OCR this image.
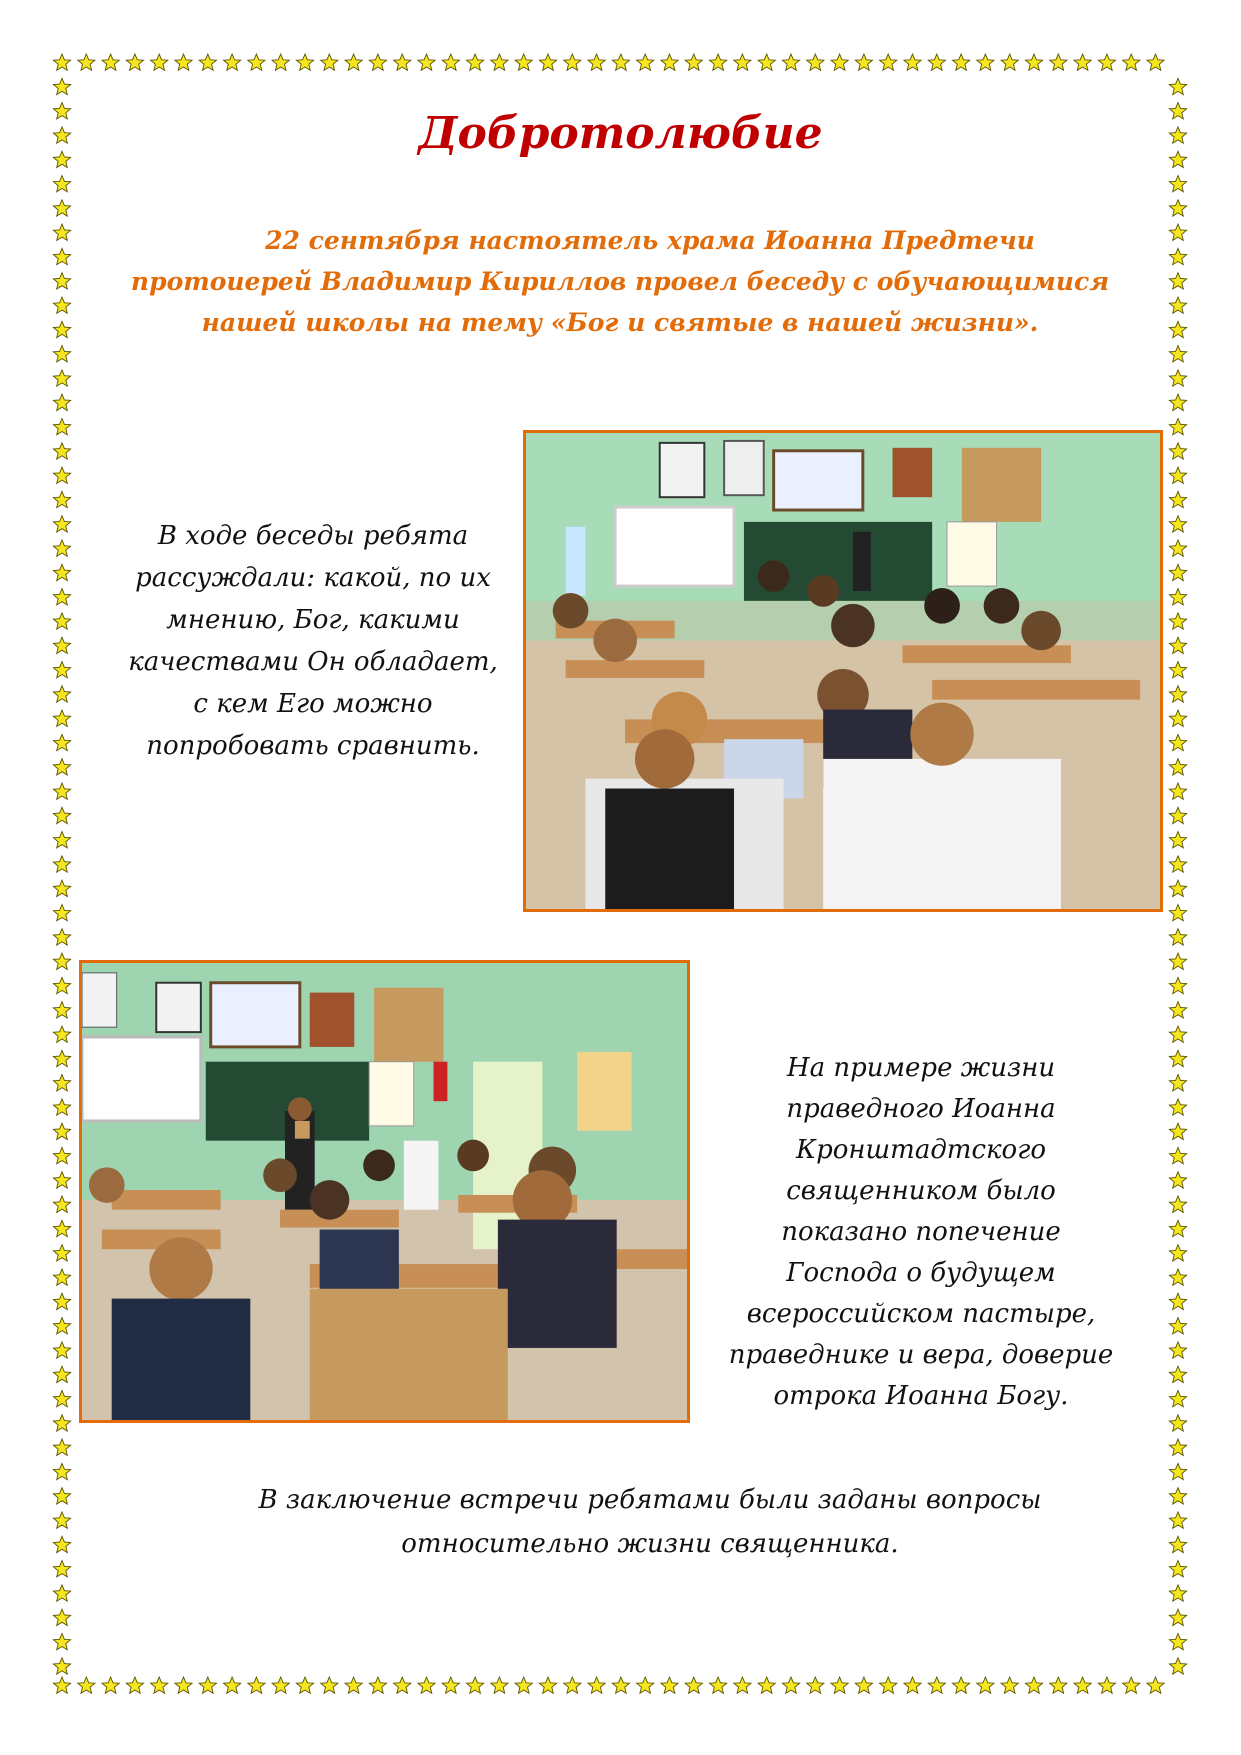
Добротолюбие
22 сентября настоятель храма Иоанна Предтечи протоиерей Владимир Кириллов провел беседу с обучающимися нашей школы на тему «Бог и святые в нашей жизни».
В ходе беседы ребята рассуждали: какой, по их мнению, Бог, какими качествами Он обладает, с кем Его можно попробовать сравнить.
На примере жизни праведного Иоанна Кронштадтского священником было показано попечение Господа о будущем всероссийском пастыре, праведнике и вера, доверие отрока Иоанна Богу.
В заключение встречи ребятами были заданы вопросы относительно жизни священника.
